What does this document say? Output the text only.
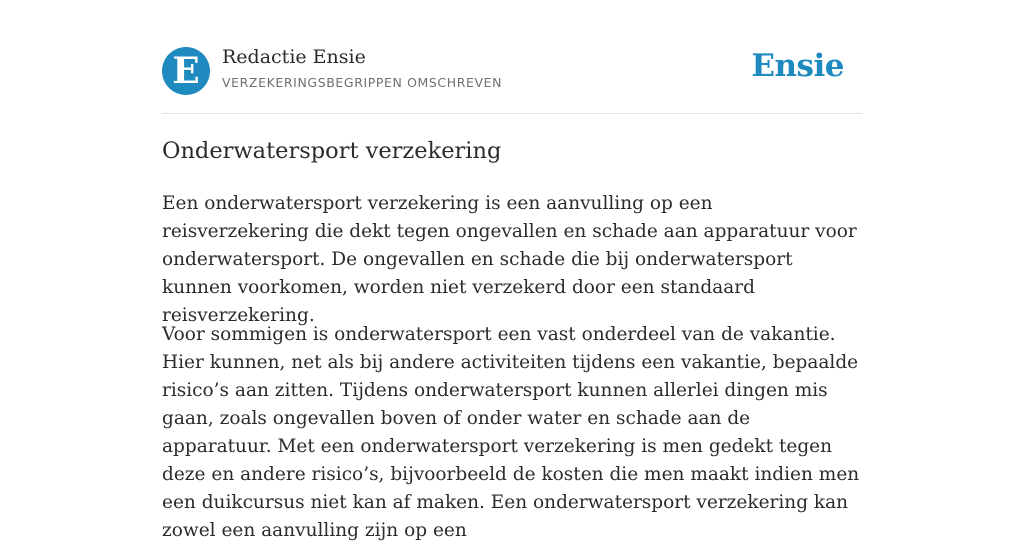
E	Redactie Ensie
VERZEKERINGSBEGRIPPEN OMSCHREVEN	Ensie
Onderwatersport verzekering

Een onderwatersport verzekering is een aanvulling op een reisverzekering die dekt tegen ongevallen en schade aan apparatuur voor onderwatersport. De ongevallen en schade die bij onderwatersport kunnen voorkomen, worden niet verzekerd door een standaard reisverzekering.

Voor sommigen is onderwatersport een vast onderdeel van de vakantie. Hier kunnen, net als bij andere activiteiten tijdens een vakantie, bepaalde risico’s aan zitten. Tijdens onderwatersport kunnen allerlei dingen mis gaan, zoals ongevallen boven of onder water en schade aan de apparatuur. Met een onderwatersport verzekering is men gedekt tegen deze en andere risico’s, bijvoorbeeld de kosten die men maakt indien men een duikcursus niet kan af maken. Een onderwatersport verzekering kan zowel een aanvulling zijn op een
